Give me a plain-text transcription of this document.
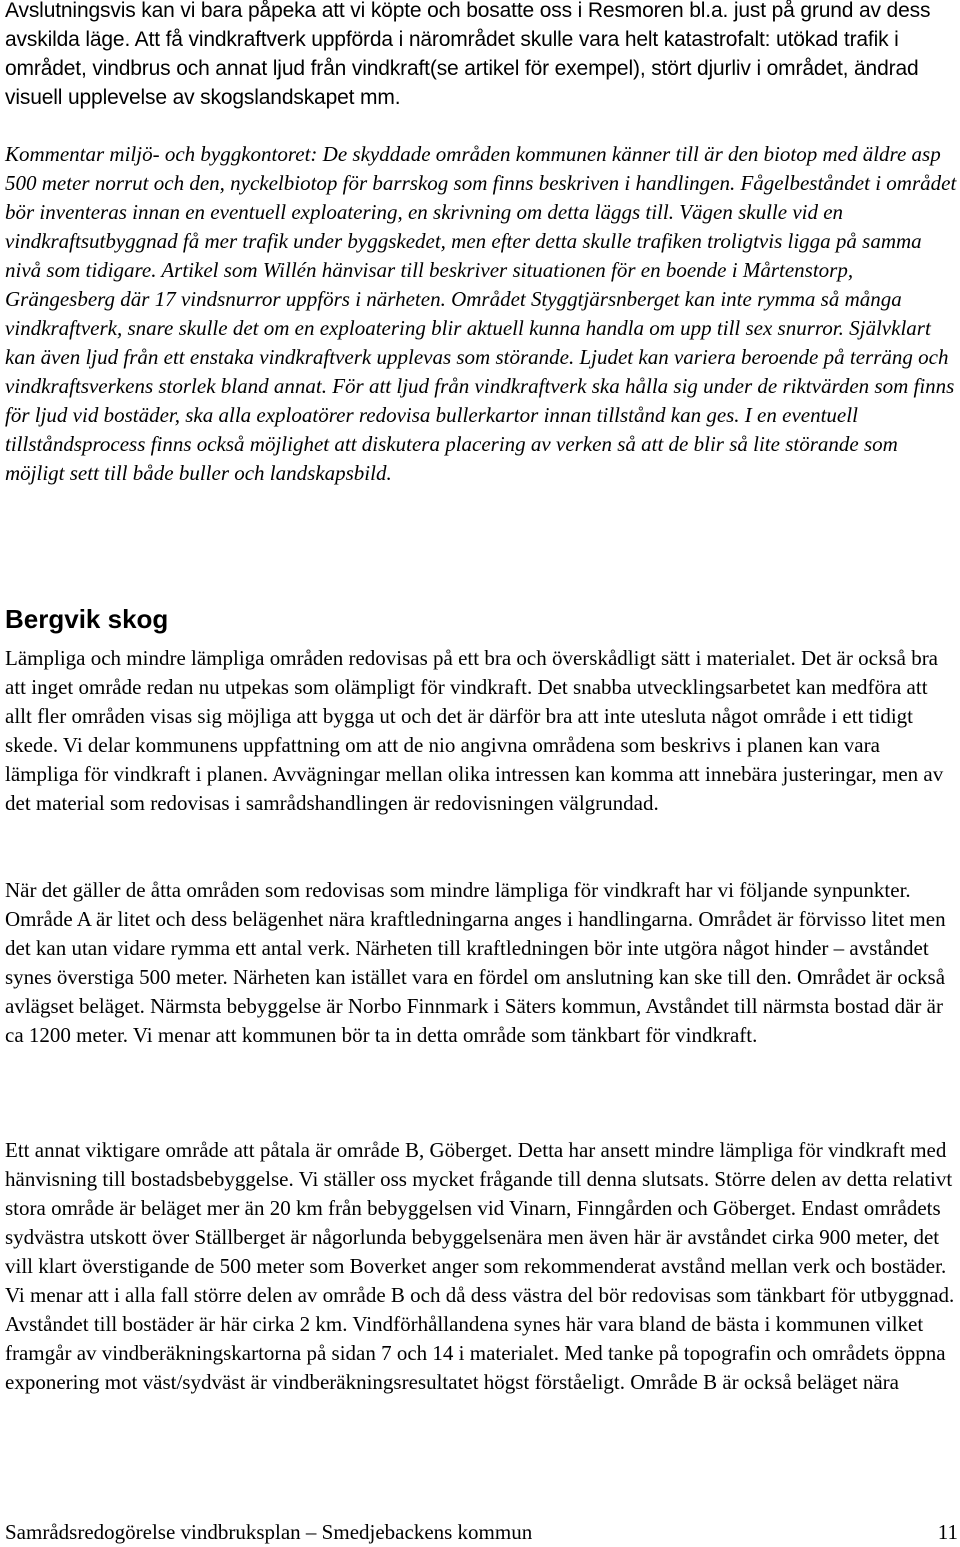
Avslutningsvis kan vi bara påpeka att vi köpte och bosatte oss i Resmoren bl.a. just på grund av dess avskilda läge. Att få vindkraftverk uppförda i närområdet skulle vara helt katastrofalt: utökad trafik i området, vindbrus och annat ljud från vindkraft(se artikel för exempel), stört djurliv i området, ändrad visuell upplevelse av skogslandskapet mm.

Kommentar miljö- och byggkontoret: De skyddade områden kommunen känner till är den biotop med äldre asp 500 meter norrut och den, nyckelbiotop för barrskog som finns beskriven i handlingen. Fågelbeståndet i området bör inventeras innan en eventuell exploatering, en skrivning om detta läggs till. Vägen skulle vid en vindkraftsutbyggnad få mer trafik under byggskedet, men efter detta skulle trafiken troligtvis ligga på samma nivå som tidigare. Artikel som Willén hänvisar till beskriver situationen för en boende i Mårtenstorp, Grängesberg där 17 vindsnurror uppförs i närheten. Området Styggtjärsnberget kan inte rymma så många vindkraftverk, snare skulle det om en exploatering blir aktuell kunna handla om upp till sex snurror. Självklart kan även ljud från ett enstaka vindkraftverk upplevas som störande. Ljudet kan variera beroende på terräng och vindkraftsverkens storlek bland annat. För att ljud från vindkraftverk ska hålla sig under de riktvärden som finns för ljud vid bostäder, ska alla exploatörer redovisa bullerkartor innan tillstånd kan ges. I en eventuell tillståndsprocess finns också möjlighet att diskutera placering av verken så att de blir så lite störande som möjligt sett till både buller och landskapsbild.

Bergvik skog

Lämpliga och mindre lämpliga områden redovisas på ett bra och överskådligt sätt i materialet. Det är också bra att inget område redan nu utpekas som olämpligt för vindkraft. Det snabba utvecklingsarbetet kan medföra att allt fler områden visas sig möjliga att bygga ut och det är därför bra att inte utesluta något område i ett tidigt skede. Vi delar kommunens uppfattning om att de nio angivna områdena som beskrivs i planen kan vara lämpliga för vindkraft i planen. Avvägningar mellan olika intressen kan komma att innebära justeringar, men av det material som redovisas i samrådshandlingen är redovisningen välgrundad.

När det gäller de åtta områden som redovisas som mindre lämpliga för vindkraft har vi följande synpunkter. Område A är litet och dess belägenhet nära kraftledningarna anges i handlingarna. Området är förvisso litet men det kan utan vidare rymma ett antal verk. Närheten till kraftledningen bör inte utgöra något hinder – avståndet synes överstiga 500 meter. Närheten kan istället vara en fördel om anslutning kan ske till den. Området är också avlägset beläget. Närmsta bebyggelse är Norbo Finnmark i Säters kommun, Avståndet till närmsta bostad där är ca 1200 meter. Vi menar att kommunen bör ta in detta område som tänkbart för vindkraft.

Ett annat viktigare område att påtala är område B, Göberget. Detta har ansett mindre lämpliga för vindkraft med hänvisning till bostadsbebyggelse. Vi ställer oss mycket frågande till denna slutsats. Större delen av detta relativt stora område är beläget mer än 20 km från bebyggelsen vid Vinarn, Finngården och Göberget. Endast områdets sydvästra utskott över Ställberget är någorlunda bebyggelsenära men även här är avståndet cirka 900 meter, det vill klart överstigande de 500 meter som Boverket anger som rekommenderat avstånd mellan verk och bostäder. Vi menar att i alla fall större delen av område B och då dess västra del bör redovisas som tänkbart för utbyggnad. Avståndet till bostäder är här cirka 2 km. Vindförhållandena synes här vara bland de bästa i kommunen vilket framgår av vindberäkningskartorna på sidan 7 och 14 i materialet. Med tanke på topografin och områdets öppna exponering mot väst/sydväst är vindberäkningsresultatet högst förståeligt. Område B är också beläget nära

Samrådsredogörelse vindbruksplan – Smedjebackens kommun	11
